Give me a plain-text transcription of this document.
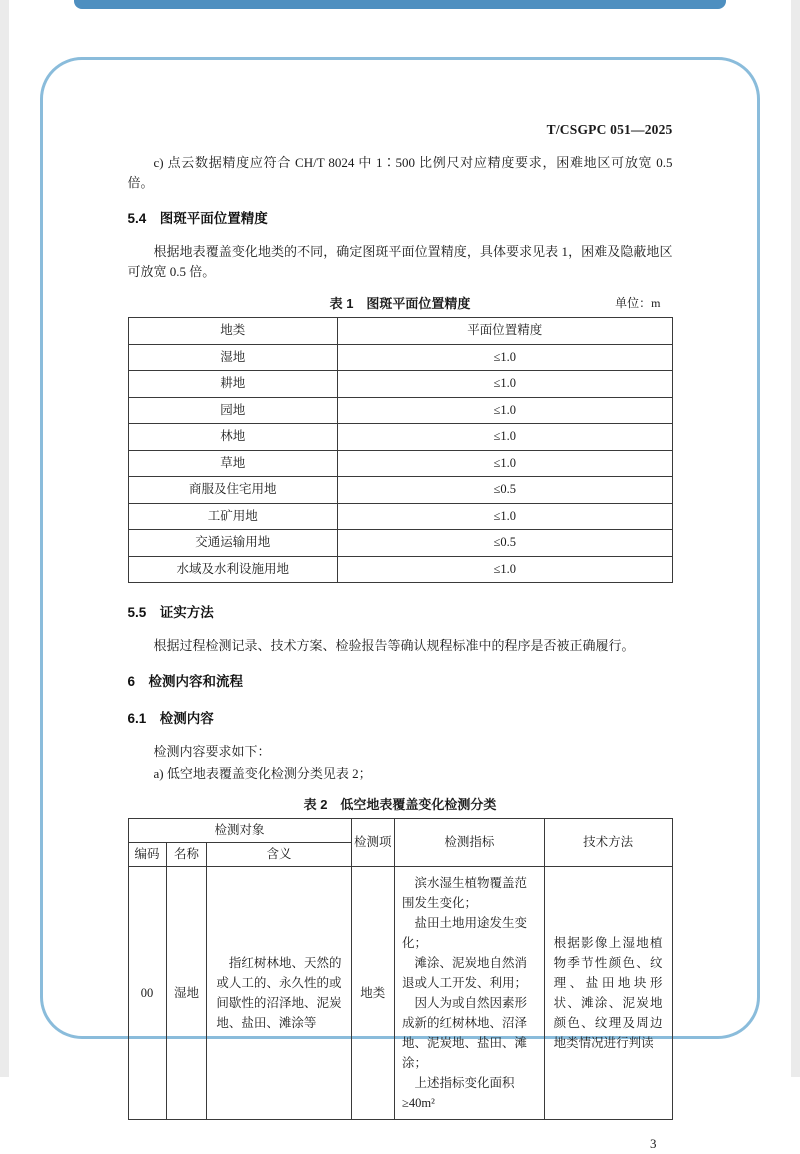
T/CSGPC 051—2025

c) 点云数据精度应符合 CH/T 8024 中 1∶500 比例尺对应精度要求，困难地区可放宽 0.5 倍。

5.4　图斑平面位置精度

根据地表覆盖变化地类的不同，确定图斑平面位置精度，具体要求见表 1，困难及隐蔽地区可放宽 0.5 倍。

表 1　图斑平面位置精度	单位：m
地类	平面位置精度
湿地	≤1.0
耕地	≤1.0
园地	≤1.0
林地	≤1.0
草地	≤1.0
商服及住宅用地	≤0.5
工矿用地	≤1.0
交通运输用地	≤0.5
水域及水利设施用地	≤1.0
5.5　证实方法

根据过程检测记录、技术方案、检验报告等确认规程标准中的程序是否被正确履行。

6　检测内容和流程
6.1　检测内容

检测内容要求如下：

a) 低空地表覆盖变化检测分类见表 2；

表 2　低空地表覆盖变化检测分类
检测对象			检测项	检测指标	技术方法
编码	名称	含义			
00	湿地	指红树林地、天然的或人工的、永久性的或间歇性的沼泽地、泥炭地、盐田、滩涂等	地类	滨水湿生植物覆盖范围发生变化；
盐田土地用途发生变化；
滩涂、泥炭地自然消退或人工开发、利用；
因人为或自然因素形成新的红树林地、沼泽地、泥炭地、盐田、滩涂；
上述指标变化面积≥40m²	根据影像上湿地植物季节性颜色、纹理、盐田地块形状、滩涂、泥炭地颜色、纹理及周边地类情况进行判读
3
